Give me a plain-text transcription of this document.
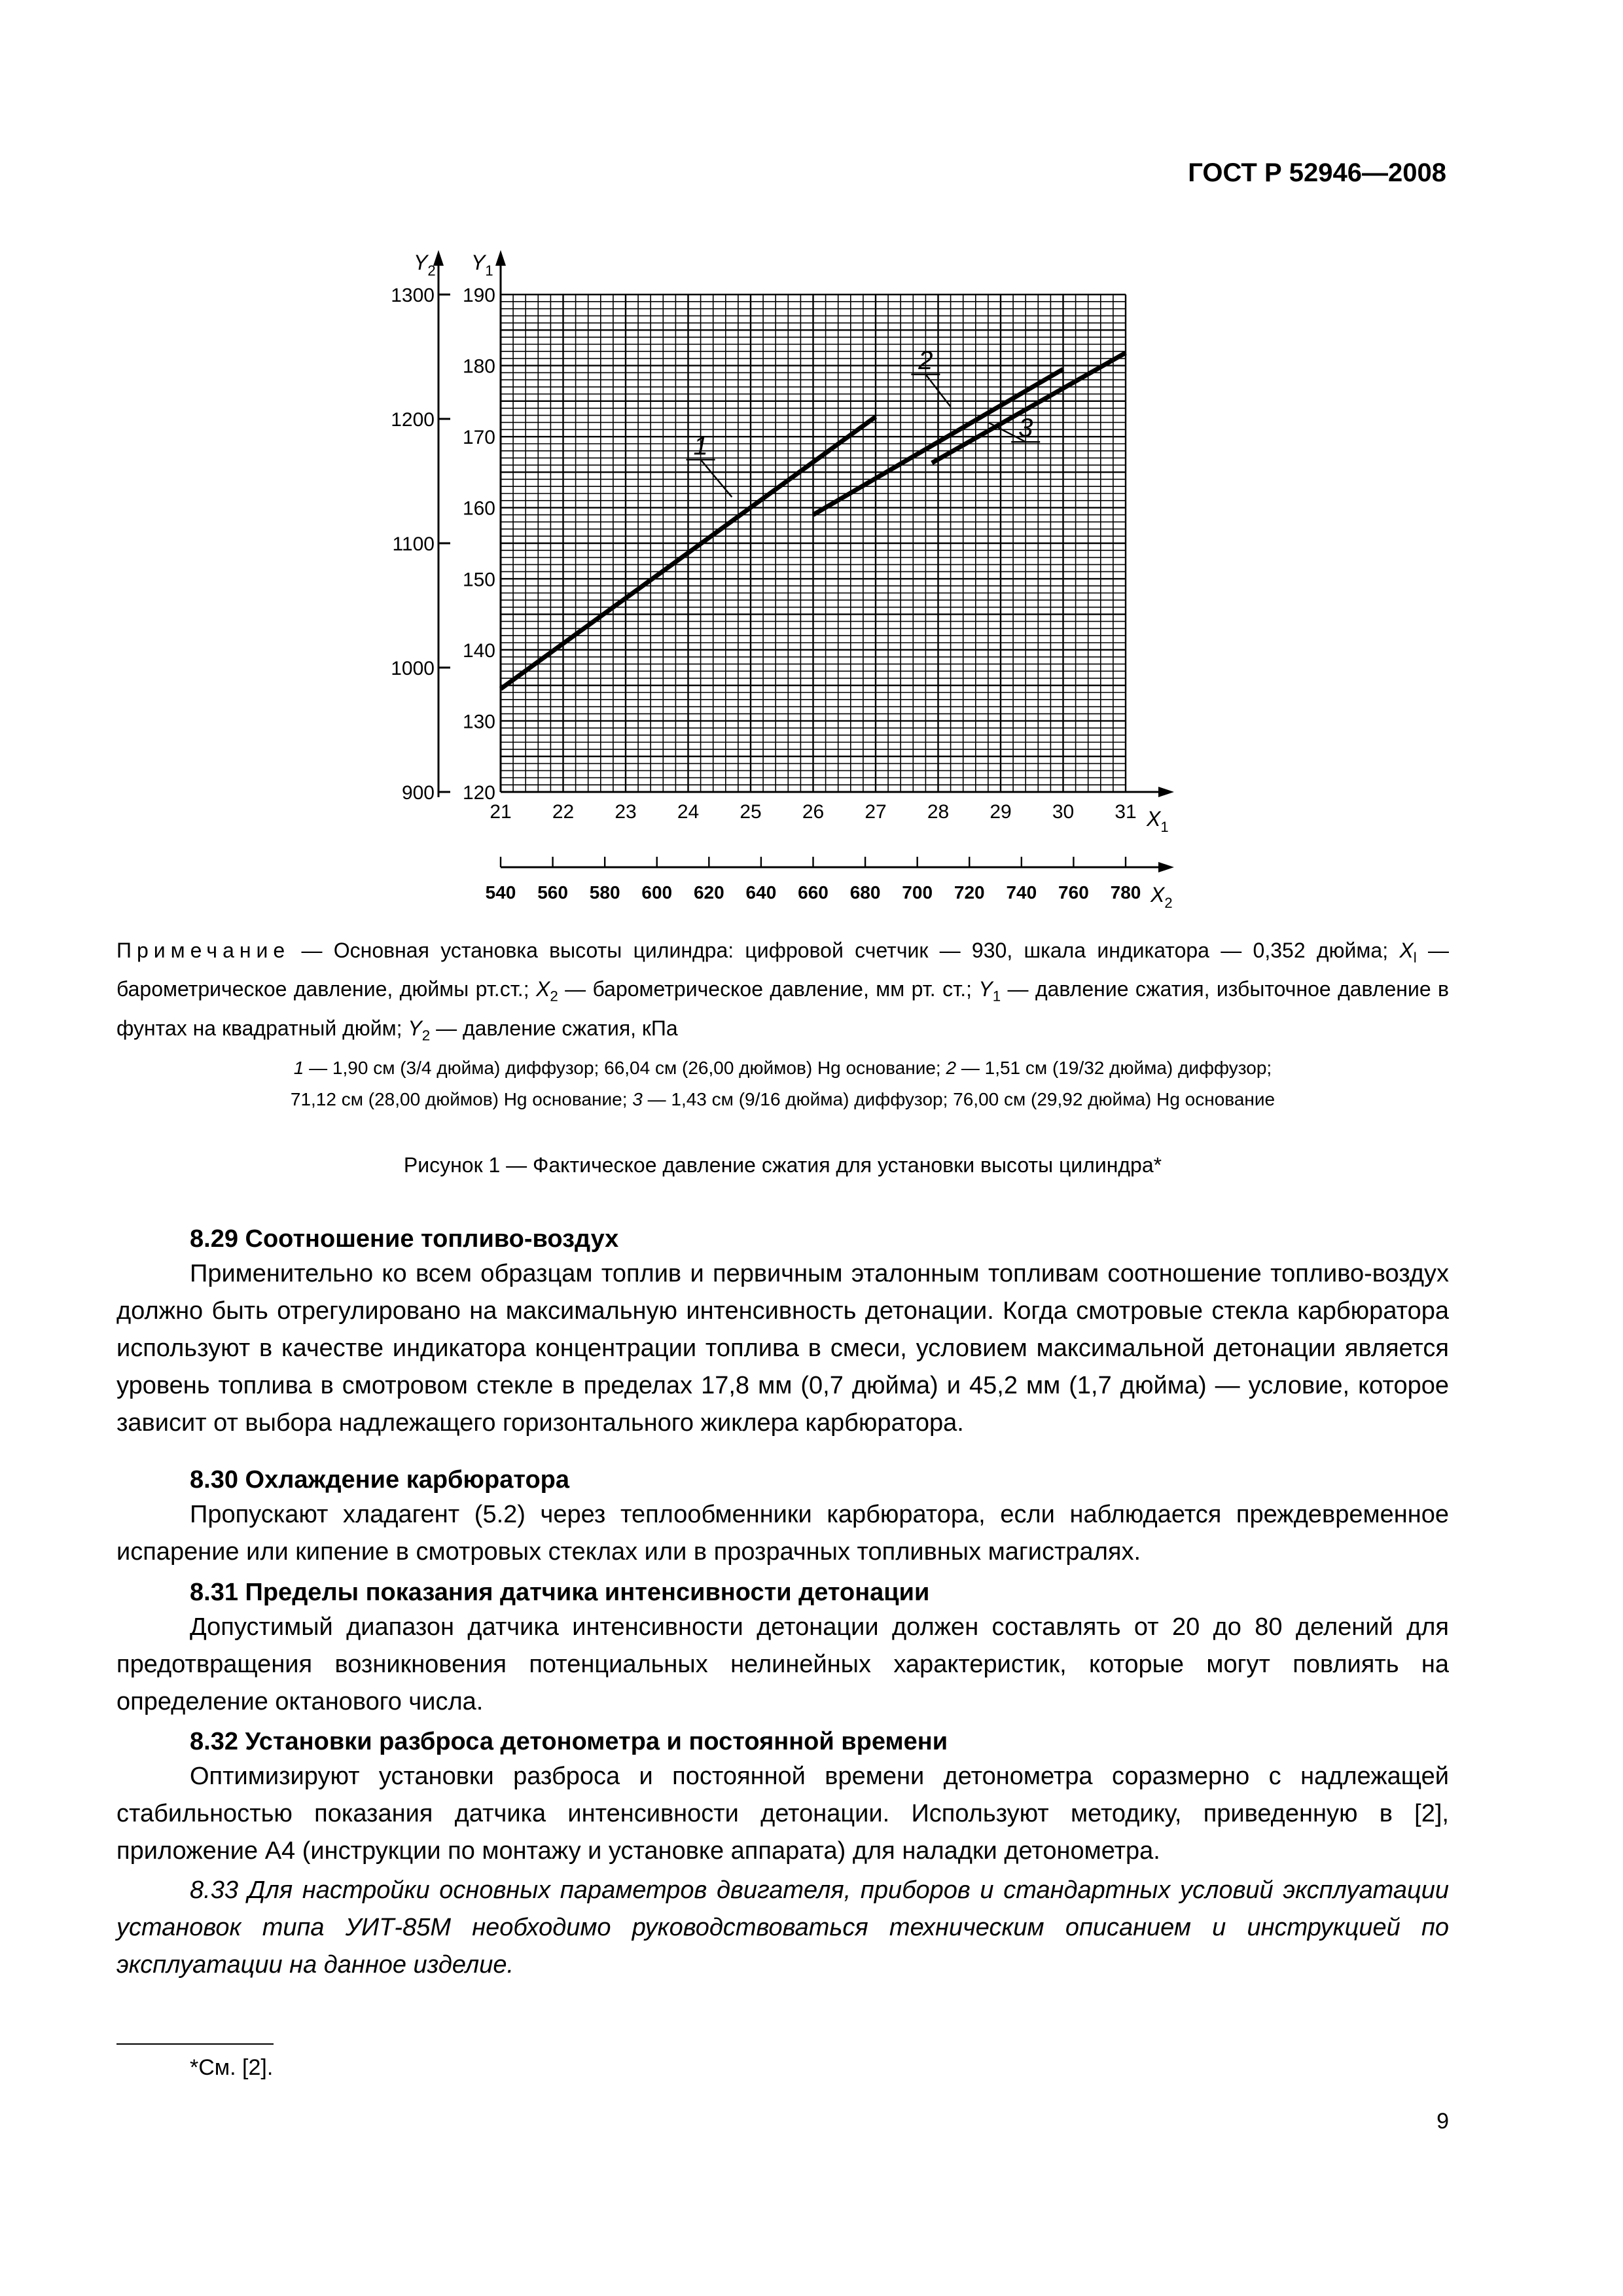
ГОСТ Р 52946—2008
120
130
140
150
160
170
180
190
900
1000
1100
1200
1300
21 22 23 24 25 26 27 28 29 30 31
540 560 580 600 620 640 660 680 700 720 740 760 780
$Y_2$ $Y_1$
$X_1$
$X_2$
1
2
3
Примечание — Основная установка высоты цилиндра: цифровой счетчик — 930, шкала индикатора — 0,352 дюйма; $X_l$ — барометрическое давление, дюймы рт.ст.; $X_2$ — барометрическое давление, мм рт. ст.; $Y_1$ — давление сжатия, избыточное давление в фунтах на квадратный дюйм; $Y_2$ — давление сжатия, кПа
1 — 1,90 см (3/4 дюйма) диффузор; 66,04 см (26,00 дюймов) Hg основание; 2 — 1,51 см (19/32 дюйма) диффузор;
71,12 см (28,00 дюймов) Hg основание; 3 — 1,43 см (9/16 дюйма) диффузор; 76,00 см (29,92 дюйма) Hg основание
Рисунок 1 — Фактическое давление сжатия для установки высоты цилиндра*
8.29 Соотношение топливо-воздух
Применительно ко всем образцам топлив и первичным эталонным топливам соотношение топливо-воздух должно быть отрегулировано на максимальную интенсивность детонации. Когда смотровые стекла карбюратора используют в качестве индикатора концентрации топлива в смеси, условием максимальной детонации является уровень топлива в смотровом стекле в пределах 17,8 мм (0,7 дюйма) и 45,2 мм (1,7 дюйма) — условие, которое зависит от выбора надлежащего горизонтального жиклера карбюратора.
8.30 Охлаждение карбюратора
Пропускают хладагент (5.2) через теплообменники карбюратора, если наблюдается преждевременное испарение или кипение в смотровых стеклах или в прозрачных топливных магистралях.
8.31 Пределы показания датчика интенсивности детонации
Допустимый диапазон датчика интенсивности детонации должен составлять от 20 до 80 делений для предотвращения возникновения потенциальных нелинейных характеристик, которые могут повлиять на определение октанового числа.
8.32 Установки разброса детонометра и постоянной времени
Оптимизируют установки разброса и постоянной времени детонометра соразмерно с надлежащей стабильностью показания датчика интенсивности детонации. Используют методику, приведенную в [2], приложение А4 (инструкции по монтажу и установке аппарата) для наладки детонометра.
8.33 Для настройки основных параметров двигателя, приборов и стандартных условий эксплуатации установок типа УИТ-85М необходимо руководствоваться техническим описанием и инструкцией по эксплуатации на данное изделие.
*См. [2].
9
